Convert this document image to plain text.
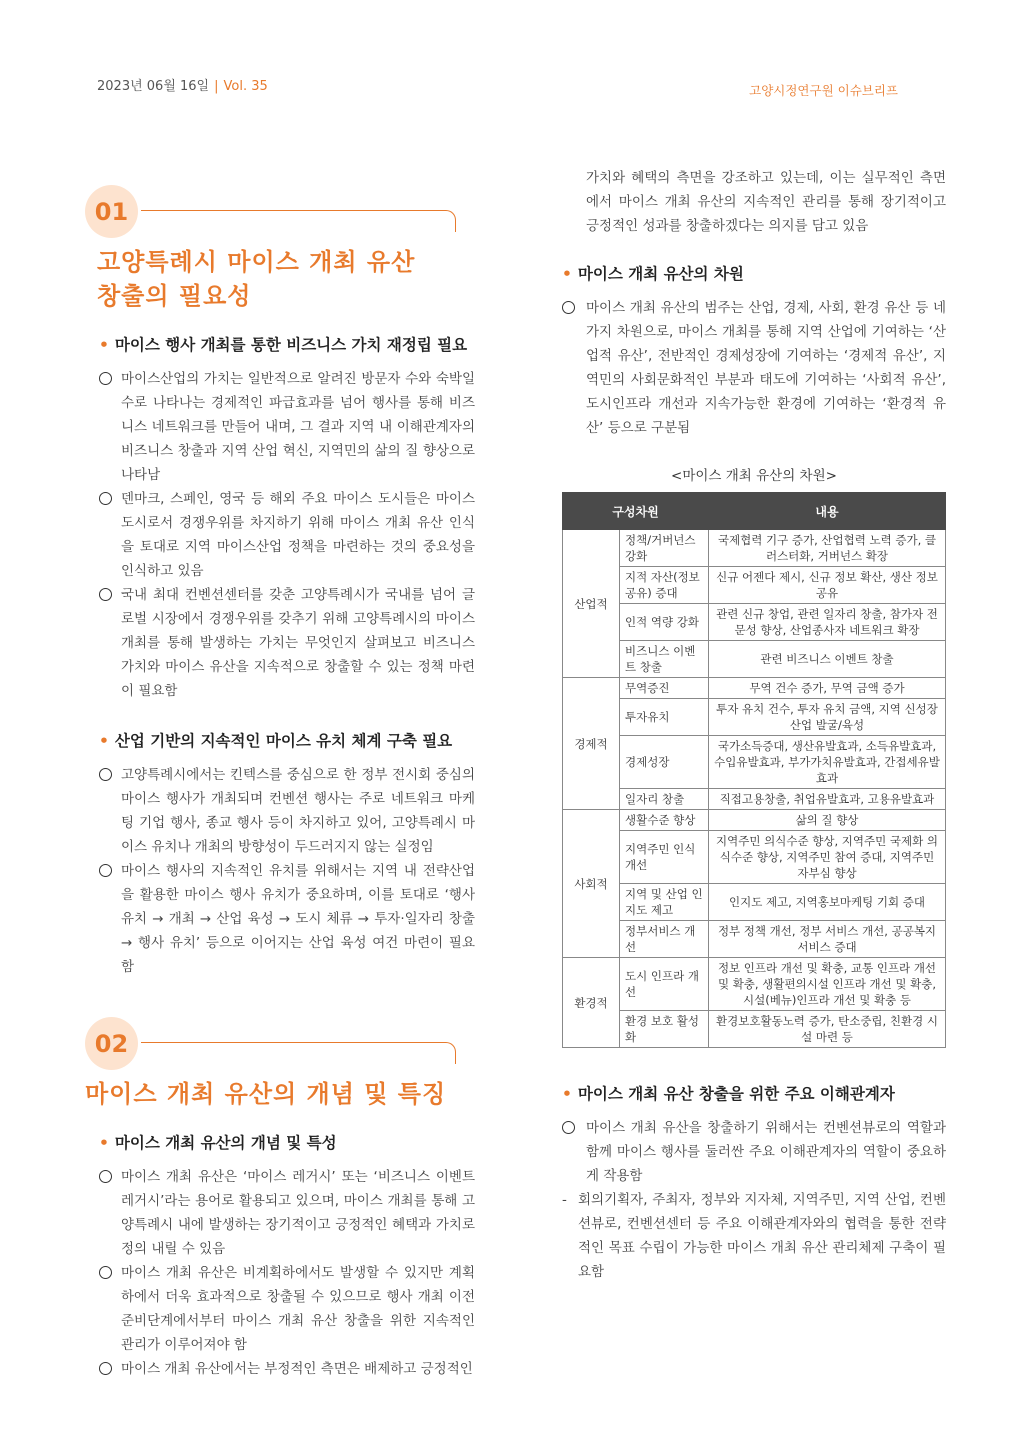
2023년 06월 16일 | Vol. 35	고양시정연구원 이슈브리프
01
고양특례시 마이스 개최 유산
창출의 필요성
• 마이스 행사 개최를 통한 비즈니스 가치 재정립 필요
마이스산업의 가치는 일반적으로 알려진 방문자 수와 숙박일 수로 나타나는 경제적인 파급효과를 넘어 행사를 통해 비즈니스 네트워크를 만들어 내며, 그 결과 지역 내 이해관계자의 비즈니스 창출과 지역 산업 혁신, 지역민의 삶의 질 향상으로 나타남
덴마크, 스페인, 영국 등 해외 주요 마이스 도시들은 마이스 도시로서 경쟁우위를 차지하기 위해 마이스 개최 유산 인식을 토대로 지역 마이스산업 정책을 마련하는 것의 중요성을 인식하고 있음
국내 최대 컨벤션센터를 갖춘 고양특례시가 국내를 넘어 글로벌 시장에서 경쟁우위를 갖추기 위해 고양특례시의 마이스 개최를 통해 발생하는 가치는 무엇인지 살펴보고 비즈니스 가치와 마이스 유산을 지속적으로 창출할 수 있는 정책 마련이 필요함
• 산업 기반의 지속적인 마이스 유치 체계 구축 필요
고양특례시에서는 킨텍스를 중심으로 한 정부 전시회 중심의 마이스 행사가 개최되며 컨벤션 행사는 주로 네트워크 마케팅 기업 행사, 종교 행사 등이 차지하고 있어, 고양특례시 마이스 유치나 개최의 방향성이 두드러지지 않는 실정임
마이스 행사의 지속적인 유치를 위해서는 지역 내 전략산업을 활용한 마이스 행사 유치가 중요하며, 이를 토대로 ‘행사 유치 → 개최 → 산업 육성 → 도시 체류 → 투자·일자리 창출 → 행사 유치’ 등으로 이어지는 산업 육성 여건 마련이 필요함
02
마이스 개최 유산의 개념 및 특징
• 마이스 개최 유산의 개념 및 특성
마이스 개최 유산은 ‘마이스 레거시’ 또는 ‘비즈니스 이벤트 레거시’라는 용어로 활용되고 있으며, 마이스 개최를 통해 고양특례시 내에 발생하는 장기적이고 긍정적인 혜택과 가치로 정의 내릴 수 있음
마이스 개최 유산은 비계획하에서도 발생할 수 있지만 계획하에서 더욱 효과적으로 창출될 수 있으므로 행사 개최 이전 준비단계에서부터 마이스 개최 유산 창출을 위한 지속적인 관리가 이루어져야 함
마이스 개최 유산에서는 부정적인 측면은 배제하고 긍정적인
가치와 혜택의 측면을 강조하고 있는데, 이는 실무적인 측면에서 마이스 개최 유산의 지속적인 관리를 통해 장기적이고 긍정적인 성과를 창출하겠다는 의지를 담고 있음
• 마이스 개최 유산의 차원
마이스 개최 유산의 범주는 산업, 경제, 사회, 환경 유산 등 네 가지 차원으로, 마이스 개최를 통해 지역 산업에 기여하는 ‘산업적 유산’, 전반적인 경제성장에 기여하는 ‘경제적 유산’, 지역민의 사회문화적인 부분과 태도에 기여하는 ‘사회적 유산’, 도시인프라 개선과 지속가능한 환경에 기여하는 ‘환경적 유산’ 등으로 구분됨
<마이스 개최 유산의 차원>
구성차원		내용
산업적	정책/거버넌스 강화	국제협력 기구 증가, 산업협력 노력 증가, 클러스터화, 거버넌스 확장
	지적 자산(정보 공유) 증대	신규 어젠다 제시, 신규 정보 확산, 생산 정보 공유
	인적 역량 강화	관련 신규 창업, 관련 일자리 창출, 참가자 전문성 향상, 산업종사자 네트워크 확장
	비즈니스 이벤트 창출	관련 비즈니스 이벤트 창출
경제적	무역증진	무역 건수 증가, 무역 금액 증가
	투자유치	투자 유치 건수, 투자 유치 금액, 지역 신성장산업 발굴/육성
	경제성장	국가소득증대, 생산유발효과, 소득유발효과, 수입유발효과, 부가가치유발효과, 간접세유발효과
	일자리 창출	직접고용창출, 취업유발효과, 고용유발효과
사회적	생활수준 향상	삶의 질 향상
	지역주민 인식 개선	지역주민 의식수준 향상, 지역주민 국제화 의식수준 향상, 지역주민 참여 증대, 지역주민 자부심 향상
	지역 및 산업 인지도 제고	인지도 제고, 지역홍보마케팅 기회 증대
	정부서비스 개선	정부 정책 개선, 정부 서비스 개선, 공공복지서비스 증대
환경적	도시 인프라 개선	정보 인프라 개선 및 확충, 교통 인프라 개선 및 확충, 생활편의시설 인프라 개선 및 확충, 시설(베뉴)인프라 개선 및 확충 등
	환경 보호 활성화	환경보호활동노력 증가, 탄소중립, 친환경 시설 마련 등
• 마이스 개최 유산 창출을 위한 주요 이해관계자
마이스 개최 유산을 창출하기 위해서는 컨벤션뷰로의 역할과 함께 마이스 행사를 둘러싼 주요 이해관계자의 역할이 중요하게 작용함
- 회의기획자, 주최자, 정부와 지자체, 지역주민, 지역 산업, 컨벤션뷰로, 컨벤션센터 등 주요 이해관계자와의 협력을 통한 전략적인 목표 수립이 가능한 마이스 개최 유산 관리체제 구축이 필요함
